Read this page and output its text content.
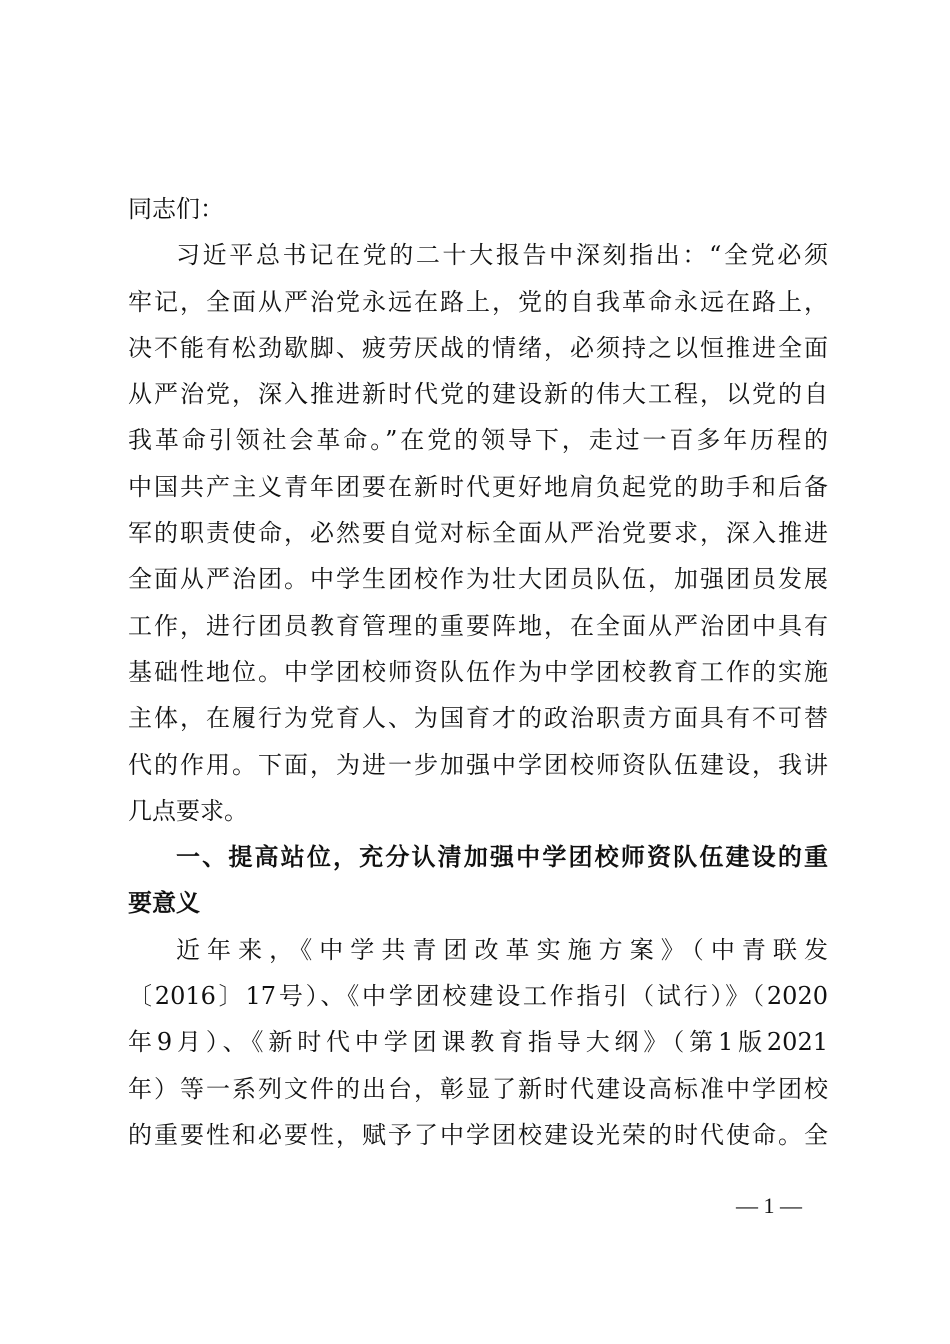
同志们：
习近平总书记在党的二十大报告中深刻指出：“全党必须
牢记，全面从严治党永远在路上，党的自我革命永远在路上，
决不能有松劲歇脚、疲劳厌战的情绪，必须持之以恒推进全面
从严治党，深入推进新时代党的建设新的伟大工程，以党的自
我革命引领社会革命。”在党的领导下，走过一百多年历程的
中国共产主义青年团要在新时代更好地肩负起党的助手和后备
军的职责使命，必然要自觉对标全面从严治党要求，深入推进
全面从严治团。中学生团校作为壮大团员队伍，加强团员发展
工作，进行团员教育管理的重要阵地，在全面从严治团中具有
基础性地位。中学团校师资队伍作为中学团校教育工作的实施
主体，在履行为党育人、为国育才的政治职责方面具有不可替
代的作用。下面，为进一步加强中学团校师资队伍建设，我讲
几点要求。
一、提高站位，充分认清加强中学团校师资队伍建设的重
要意义
近年来，《中学共青团改革实施方案》（中青联发
〔2016〕17号）、《中学团校建设工作指引（试行）》（2020
年9月）、《新时代中学团课教育指导大纲》（第1版2021
年）等一系列文件的出台，彰显了新时代建设高标准中学团校
的重要性和必要性，赋予了中学团校建设光荣的时代使命。全
— 1 —
